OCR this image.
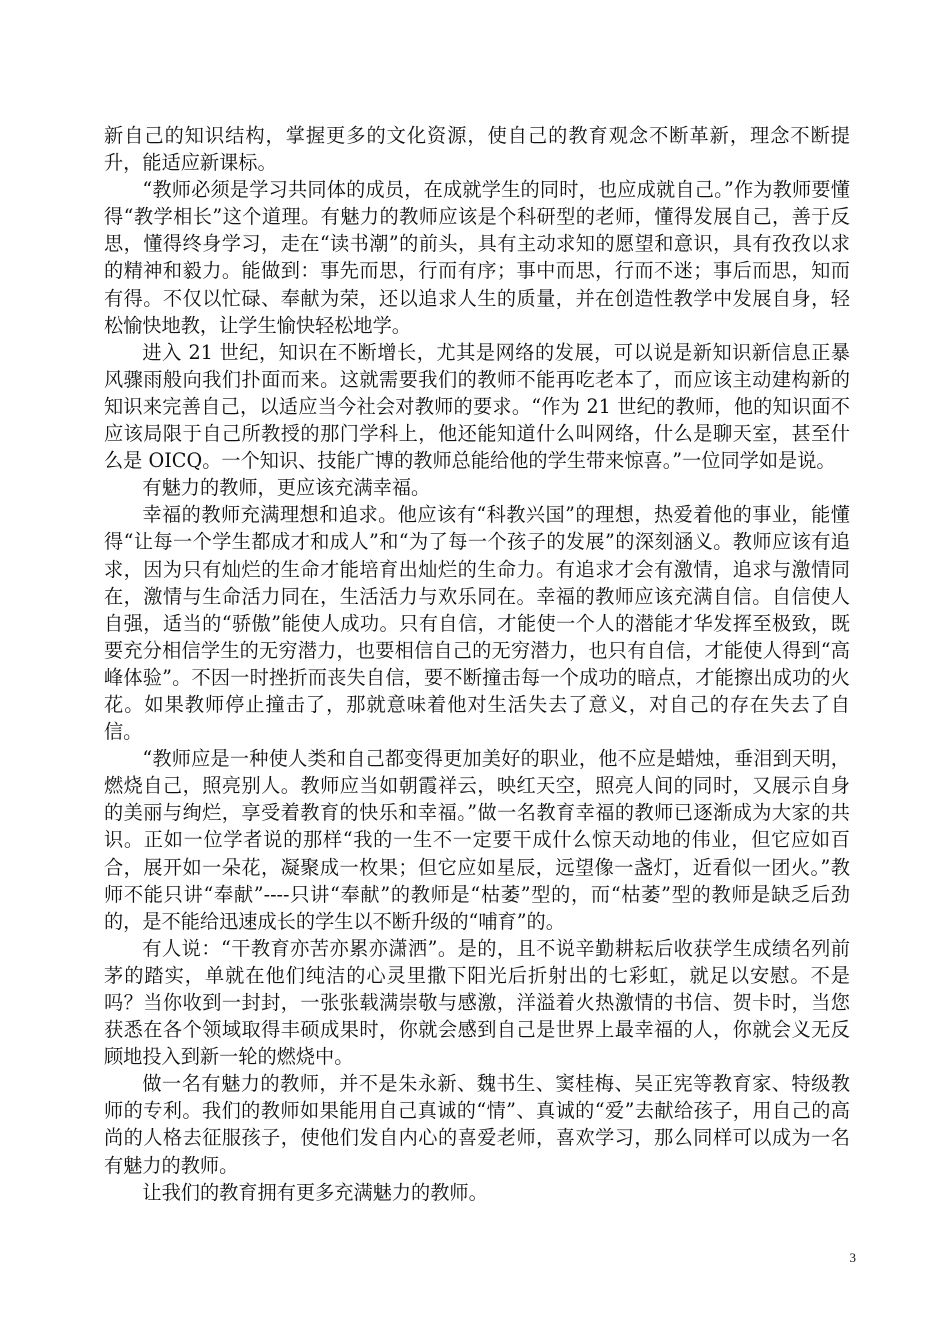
新自己的知识结构，掌握更多的文化资源，使自己的教育观念不断革新，理念不断提升，能适应新课标。

“教师必须是学习共同体的成员，在成就学生的同时，也应成就自己。”作为教师要懂得“教学相长”这个道理。有魅力的教师应该是个科研型的老师，懂得发展自己，善于反思，懂得终身学习，走在“读书潮”的前头，具有主动求知的愿望和意识，具有孜孜以求的精神和毅力。能做到：事先而思，行而有序；事中而思，行而不迷；事后而思，知而有得。不仅以忙碌、奉献为荣，还以追求人生的质量，并在创造性教学中发展自身，轻松愉快地教，让学生愉快轻松地学。

进入 21 世纪，知识在不断增长，尤其是网络的发展，可以说是新知识新信息正暴风骤雨般向我们扑面而来。这就需要我们的教师不能再吃老本了，而应该主动建构新的知识来完善自己，以适应当今社会对教师的要求。“作为 21 世纪的教师，他的知识面不应该局限于自己所教授的那门学科上，他还能知道什么叫网络，什么是聊天室，甚至什么是 OICQ。一个知识、技能广博的教师总能给他的学生带来惊喜。”一位同学如是说。

有魅力的教师，更应该充满幸福。

幸福的教师充满理想和追求。他应该有“科教兴国”的理想，热爱着他的事业，能懂得“让每一个学生都成才和成人”和“为了每一个孩子的发展”的深刻涵义。教师应该有追求，因为只有灿烂的生命才能培育出灿烂的生命力。有追求才会有激情，追求与激情同在，激情与生命活力同在，生活活力与欢乐同在。幸福的教师应该充满自信。自信使人自强，适当的“骄傲”能使人成功。只有自信，才能使一个人的潜能才华发挥至极致，既要充分相信学生的无穷潜力，也要相信自己的无穷潜力，也只有自信，才能使人得到“高峰体验”。不因一时挫折而丧失自信，要不断撞击每一个成功的暗点，才能擦出成功的火花。如果教师停止撞击了，那就意味着他对生活失去了意义，对自己的存在失去了自信。

“教师应是一种使人类和自己都变得更加美好的职业，他不应是蜡烛，垂泪到天明，燃烧自己，照亮别人。教师应当如朝霞祥云，映红天空，照亮人间的同时，又展示自身的美丽与绚烂，享受着教育的快乐和幸福。”做一名教育幸福的教师已逐渐成为大家的共识。正如一位学者说的那样“我的一生不一定要干成什么惊天动地的伟业，但它应如百合，展开如一朵花，凝聚成一枚果；但它应如星辰，远望像一盏灯，近看似一团火。”教师不能只讲“奉献”----只讲“奉献”的教师是“枯萎”型的，而“枯萎”型的教师是缺乏后劲的，是不能给迅速成长的学生以不断升级的“哺育”的。

有人说：“干教育亦苦亦累亦潇洒”。是的，且不说辛勤耕耘后收获学生成绩名列前茅的踏实，单就在他们纯洁的心灵里撒下阳光后折射出的七彩虹，就足以安慰。不是吗？当你收到一封封，一张张载满崇敬与感激，洋溢着火热激情的书信、贺卡时，当您获悉在各个领域取得丰硕成果时，你就会感到自己是世界上最幸福的人，你就会义无反顾地投入到新一轮的燃烧中。

做一名有魅力的教师，并不是朱永新、魏书生、窦桂梅、吴正宪等教育家、特级教师的专利。我们的教师如果能用自己真诚的“情”、真诚的“爱”去献给孩子，用自己的高尚的人格去征服孩子，使他们发自内心的喜爱老师，喜欢学习，那么同样可以成为一名有魅力的教师。

让我们的教育拥有更多充满魅力的教师。

3
